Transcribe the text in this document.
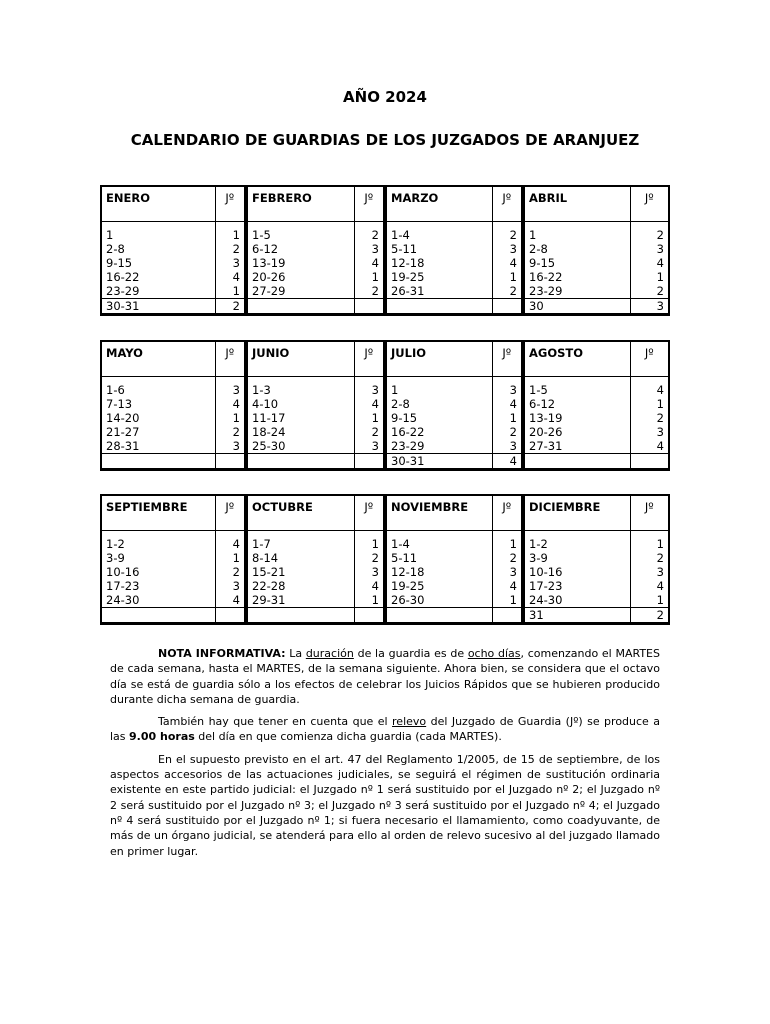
AÑO 2024
CALENDARIO DE GUARDIAS DE LOS JUZGADOS DE ARANJUEZ
ENERO	Jº	FEBRERO	Jº	MARZO	Jº	ABRIL	Jº

1	1	1-5	2	1-4	2	1	2
2-8	2	6-12	3	5-11	3	2-8	3
9-15	3	13-19	4	12-18	4	9-15	4
16-22	4	20-26	1	19-25	1	16-22	1
23-29	1	27-29	2	26-31	2	23-29	2
30-31	2					30	3
MAYO	Jº	JUNIO	Jº	JULIO	Jº	AGOSTO	Jº

1-6	3	1-3	3	1	3	1-5	4
7-13	4	4-10	4	2-8	4	6-12	1
14-20	1	11-17	1	9-15	1	13-19	2
21-27	2	18-24	2	16-22	2	20-26	3
28-31	3	25-30	3	23-29	3	27-31	4
				30-31	4		
SEPTIEMBRE	Jº	OCTUBRE	Jº	NOVIEMBRE	Jº	DICIEMBRE	Jº

1-2	4	1-7	1	1-4	1	1-2	1
3-9	1	8-14	2	5-11	2	3-9	2
10-16	2	15-21	3	12-18	3	10-16	3
17-23	3	22-28	4	19-25	4	17-23	4
24-30	4	29-31	1	26-30	1	24-30	1
						31	2

NOTA INFORMATIVA: La duración de la guardia es de ocho días, comenzando el MARTES de cada semana, hasta el MARTES, de la semana siguiente. Ahora bien, se considera que el octavo día se está de guardia sólo a los efectos de celebrar los Juicios Rápidos que se hubieren producido durante dicha semana de guardia.

También hay que tener en cuenta que el relevo del Juzgado de Guardia (Jº) se produce a las 9.00 horas del día en que comienza dicha guardia (cada MARTES).

En el supuesto previsto en el art. 47 del Reglamento 1/2005, de 15 de septiembre, de los aspectos accesorios de las actuaciones judiciales, se seguirá el régimen de sustitución ordinaria existente en este partido judicial: el Juzgado nº 1 será sustituido por el Juzgado nº 2; el Juzgado nº 2 será sustituido por el Juzgado nº 3; el Juzgado nº 3 será sustituido por el Juzgado nº 4; el Juzgado nº 4 será sustituido por el Juzgado nº 1; si fuera necesario el llamamiento, como coadyuvante, de más de un órgano judicial, se atenderá para ello al orden de relevo sucesivo al del juzgado llamado en primer lugar.
